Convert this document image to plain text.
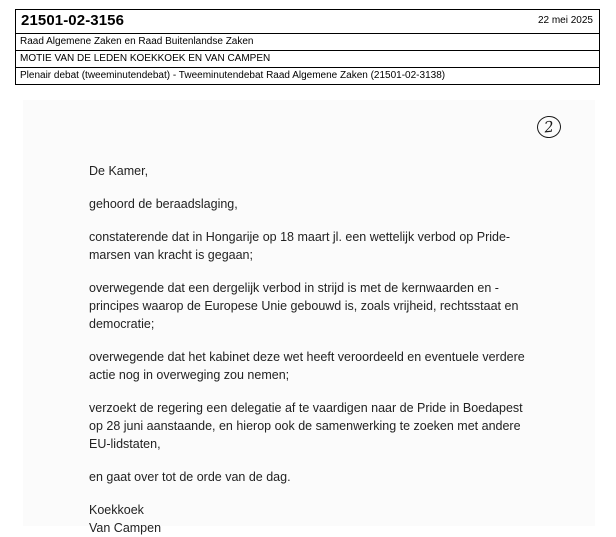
21501-02-3156	22 mei 2025
Raad Algemene Zaken en Raad Buitenlandse Zaken
MOTIE VAN DE LEDEN KOEKKOEK EN VAN CAMPEN
Plenair debat (tweeminutendebat) - Tweeminutendebat Raad Algemene Zaken (21501-02-3138)
2

De Kamer,

gehoord de beraadslaging,

constaterende dat in Hongarije op 18 maart jl. een wettelijk verbod op Pride-marsen van kracht is gegaan;

overwegende dat een dergelijk verbod in strijd is met de kernwaarden en -principes waarop de Europese Unie gebouwd is, zoals vrijheid, rechtsstaat en democratie;

overwegende dat het kabinet deze wet heeft veroordeeld en eventuele verdere actie nog in overweging zou nemen;

verzoekt de regering een delegatie af te vaardigen naar de Pride in Boedapest op 28 juni aanstaande, en hierop ook de samenwerking te zoeken met andere EU-lidstaten,

en gaat over tot de orde van de dag.

Koekkoek
Van Campen
